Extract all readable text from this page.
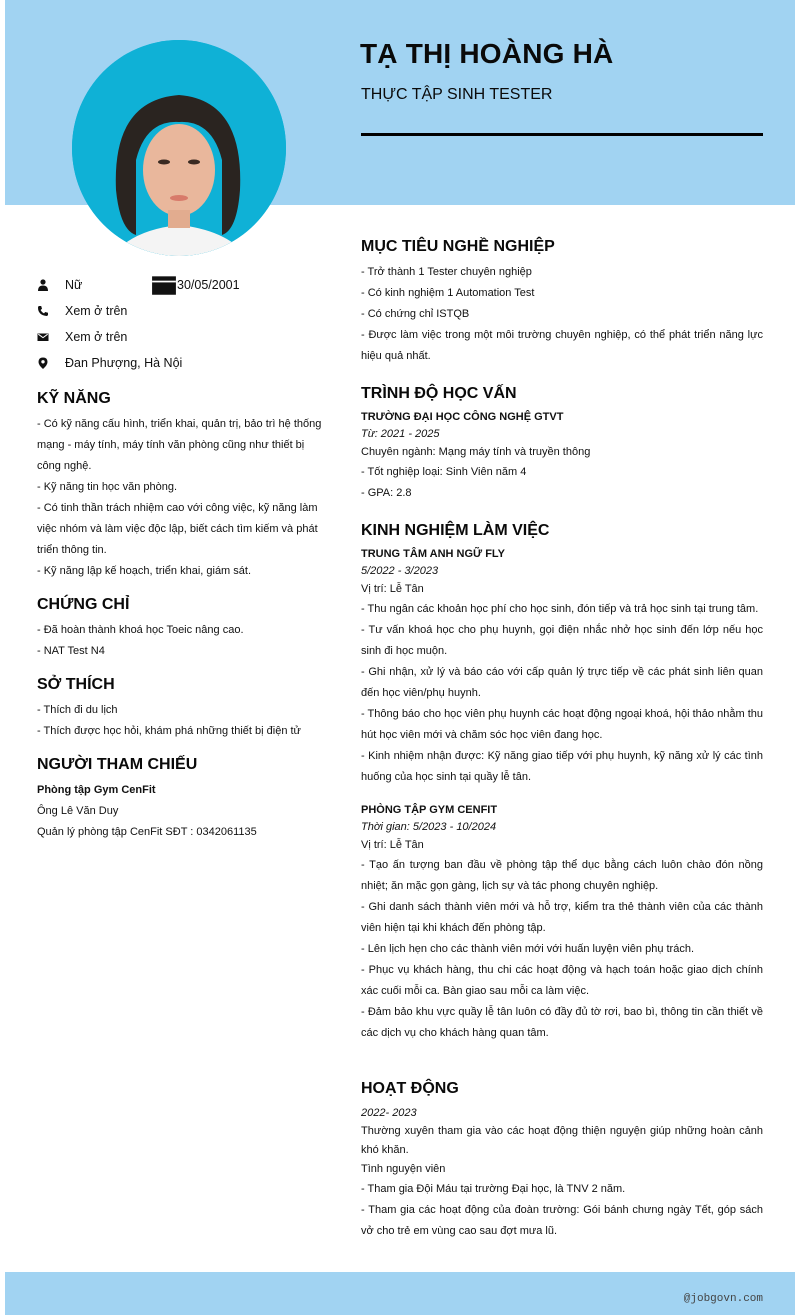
TẠ THỊ HOÀNG HÀ
THỰC TẬP SINH TESTER
Nữ	30/05/2001
Xem ở trên
Xem ở trên
Đan Phượng, Hà Nội
KỸ NĂNG
- Có kỹ năng cấu hình, triển khai, quản trị, bảo trì hệ thống mạng - máy tính, máy tính văn phòng cũng như thiết bị công nghệ.
- Kỹ năng tin học văn phòng.
- Có tinh thần trách nhiệm cao với công việc, kỹ năng làm việc nhóm và làm việc độc lập, biết cách tìm kiếm và phát triển thông tin.
- Kỹ năng lập kế hoạch, triển khai, giám sát.
CHỨNG CHỈ
- Đã hoàn thành khoá học Toeic nâng cao.
- NAT Test N4
SỞ THÍCH
- Thích đi du lịch
- Thích được học hỏi, khám phá những thiết bị điện tử
NGƯỜI THAM CHIẾU
Phòng tập Gym CenFit
Ông Lê Văn Duy
Quản lý phòng tập CenFit SĐT : 0342061135
MỤC TIÊU NGHỀ NGHIỆP
- Trở thành 1 Tester chuyên nghiệp
- Có kinh nghiệm 1 Automation Test
- Có chứng chỉ ISTQB
- Được làm việc trong một môi trường chuyên nghiệp, có thể phát triển năng lực hiệu quả nhất.
TRÌNH ĐỘ HỌC VẤN
TRƯỜNG ĐẠI HỌC CÔNG NGHỆ GTVT
Từ: 2021 - 2025
Chuyên ngành: Mạng máy tính và truyền thông
- Tốt nghiệp loại: Sinh Viên năm 4
- GPA: 2.8
KINH NGHIỆM LÀM VIỆC
TRUNG TÂM ANH NGỮ FLY
5/2022 - 3/2023
Vị trí: Lễ Tân
- Thu ngân các khoản học phí cho học sinh, đón tiếp và trả học sinh tại trung tâm.
- Tư vấn khoá học cho phụ huynh, gọi điện nhắc nhở học sinh đến lớp nếu học sinh đi học muộn.
- Ghi nhận, xử lý và báo cáo với cấp quản lý trực tiếp về các phát sinh liên quan đến học viên/phụ huynh.
- Thông báo cho học viên phụ huynh các hoạt động ngoại khoá, hội thảo nhằm thu hút học viên mới và chăm sóc học viên đang học.
- Kinh nhiệm nhận được: Kỹ năng giao tiếp với phụ huynh, kỹ năng xử lý các tình huống của học sinh tại quầy lễ tân.
PHÒNG TẬP GYM CENFIT
Thời gian: 5/2023 - 10/2024
Vị trí: Lễ Tân
- Tạo ấn tượng ban đầu về phòng tập thể dục bằng cách luôn chào đón nồng nhiệt; ăn mặc gọn gàng, lịch sự và tác phong chuyên nghiệp.
- Ghi danh sách thành viên mới và hỗ trợ, kiểm tra thẻ thành viên của các thành viên hiện tại khi khách đến phòng tập.
- Lên lịch hẹn cho các thành viên mới với huấn luyện viên phụ trách.
- Phục vụ khách hàng, thu chi các hoạt động và hạch toán hoặc giao dịch chính xác cuối mỗi ca. Bàn giao sau mỗi ca làm việc.
- Đảm bảo khu vực quầy lễ tân luôn có đầy đủ tờ rơi, bao bì, thông tin cần thiết về các dịch vụ cho khách hàng quan tâm.
HOẠT ĐỘNG
2022- 2023
Thường xuyên tham gia vào các hoạt động thiện nguyện giúp những hoàn cảnh khó khăn.
Tình nguyện viên
- Tham gia Đội Máu tại trường Đại học, là TNV 2 năm.
- Tham gia các hoạt động của đoàn trường: Gói bánh chưng ngày Tết, góp sách vở cho trẻ em vùng cao sau đợt mưa lũ.
@jobgovn.com
